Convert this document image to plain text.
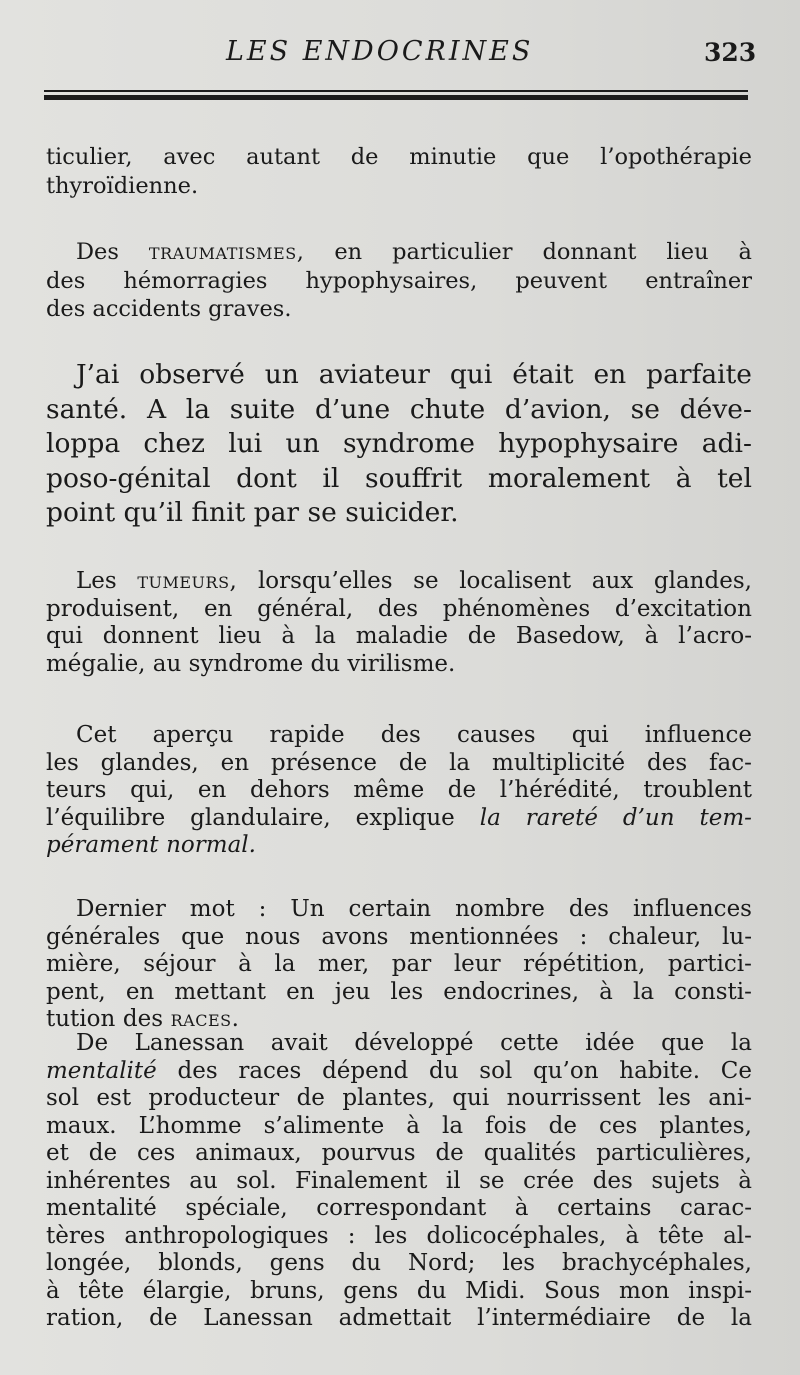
LES ENDOCRINES	323
ticulier, avec autant de minutie que l’opothérapie
thyroïdienne.
Des traumatismes, en particulier donnant lieu à
des hémorragies hypophysaires, peuvent entraîner
des accidents graves.
J’ai observé un aviateur qui était en parfaite
santé. A la suite d’une chute d’avion, se déve-
loppa chez lui un syndrome hypophysaire adi-
poso-génital dont il souffrit moralement à tel
point qu’il finit par se suicider.
Les tumeurs, lorsqu’elles se localisent aux glandes,
produisent, en général, des phénomènes d’excitation
qui donnent lieu à la maladie de Basedow, à l’acro-
mégalie, au syndrome du virilisme.
Cet aperçu rapide des causes qui influence
les glandes, en présence de la multiplicité des fac-
teurs qui, en dehors même de l’hérédité, troublent
l’équilibre glandulaire, explique la rareté d’un tem-
pérament normal.
Dernier mot : Un certain nombre des influences
générales que nous avons mentionnées : chaleur, lu-
mière, séjour à la mer, par leur répétition, partici-
pent, en mettant en jeu les endocrines, à la consti-
tution des races.
De Lanessan avait développé cette idée que la
mentalité des races dépend du sol qu’on habite. Ce
sol est producteur de plantes, qui nourrissent les ani-
maux. L’homme s’alimente à la fois de ces plantes,
et de ces animaux, pourvus de qualités particulières,
inhérentes au sol. Finalement il se crée des sujets à
mentalité spéciale, correspondant à certains carac-
tères anthropologiques : les dolicocéphales, à tête al-
longée, blonds, gens du Nord; les brachycéphales,
à tête élargie, bruns, gens du Midi. Sous mon inspi-
ration, de Lanessan admettait l’intermédiaire de la
